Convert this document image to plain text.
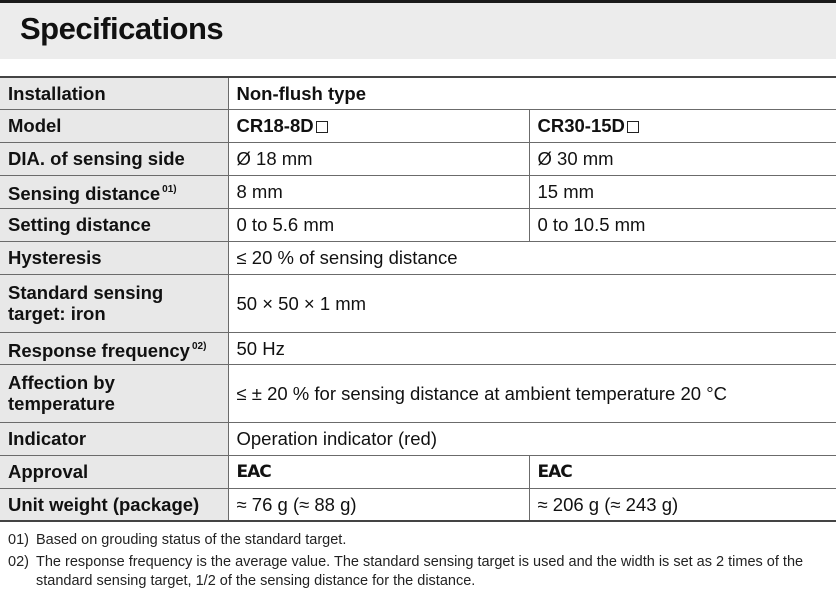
Specifications
Installation	Non-flush type	
Model	CR18-8D	CR30-15D
DIA. of sensing side	Ø 18 mm	Ø 30 mm
Sensing distance $^{01)}$	8 mm	15 mm
Setting distance	0 to 5.6 mm	0 to 10.5 mm
Hysteresis	≤ 20 % of sensing distance	
Standard sensing target: iron	50 × 50 × 1 mm	
Response frequency $^{02)}$	50 Hz	
Affection by temperature	≤ ± 20 % for sensing distance at ambient temperature 20 °C	
Indicator	Operation indicator (red)	
Approval	EAC	EAC
Unit weight (package)	≈ 76 g (≈ 88 g)	≈ 206 g (≈ 243 g)
01) Based on grouding status of the standard target.
02) The response frequency is the average value. The standard sensing target is used and the width is set as 2 times of the standard sensing target, 1/2 of the sensing distance for the distance.
